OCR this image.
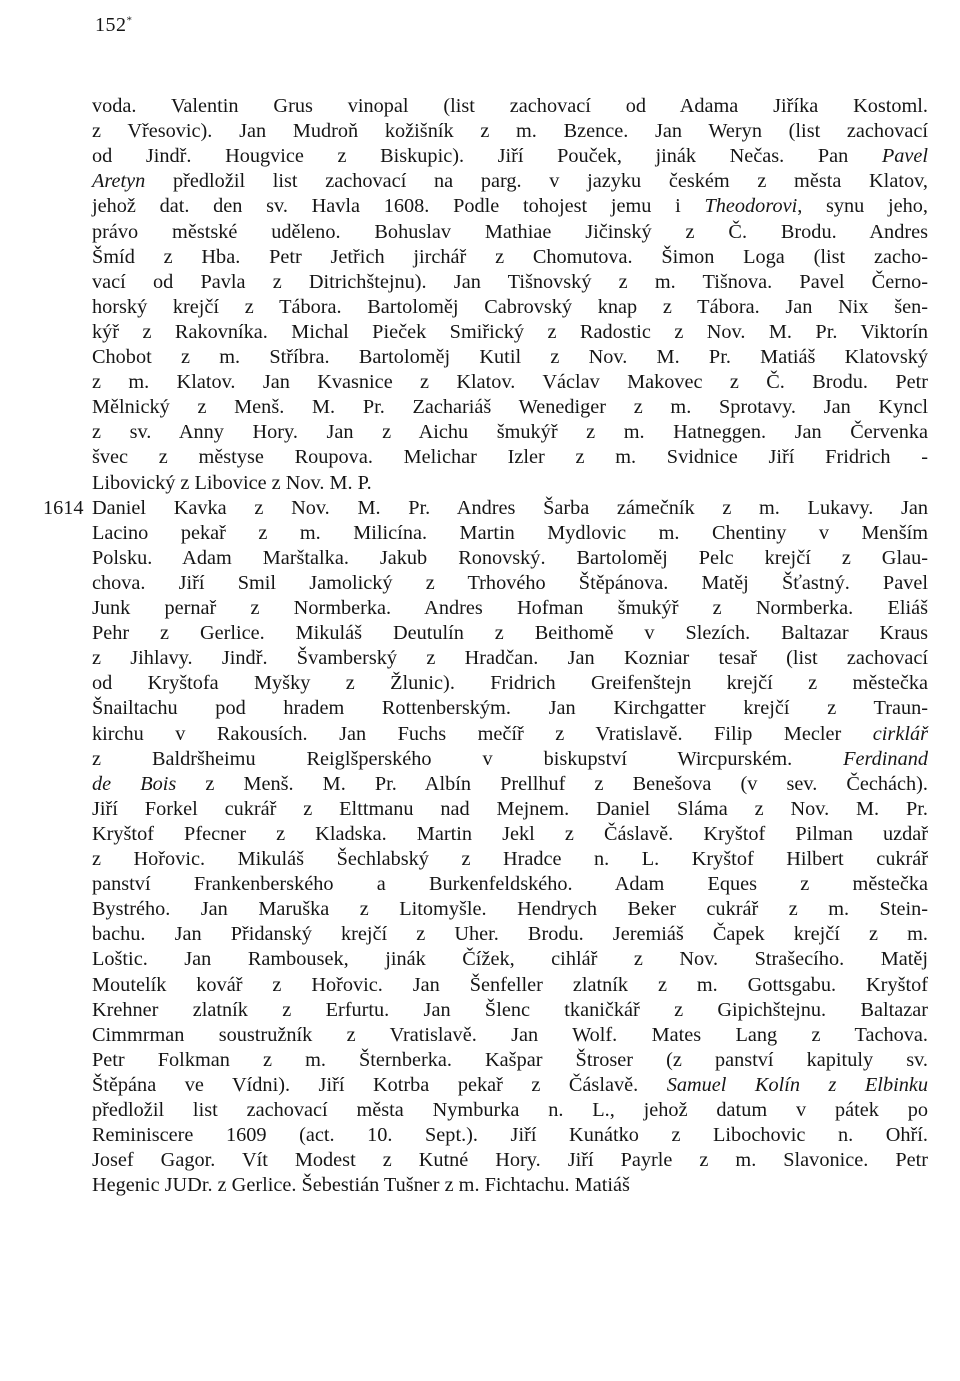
152*
voda. Valentin Grus vinopal (list zachovací od Adama Jiříka Kostoml.
z Vřesovic). Jan Mudroň kožišník z m. Bzence. Jan Weryn (list zachovací
od Jindř. Hougvice z Biskupic). Jiří Pouček, jinák Nečas. Pan Pavel
Aretyn předložil list zachovací na parg. v jazyku českém z města Klatov,
jehož dat. den sv. Havla 1608. Podle tohojest jemu i Theodorovi, synu jeho,
právo městské uděleno. Bohuslav Mathiae Jičinský z Č. Brodu. Andres
Šmíd z Hba. Petr Jetřich jirchář z Chomutova. Šimon Loga (list zacho-
vací od Pavla z Ditrichštejnu). Jan Tišnovský z m. Tišnova. Pavel Černo-
horský krejčí z Tábora. Bartoloměj Cabrovský knap z Tábora. Jan Nix šen-
kýř z Rakovníka. Michal Pieček Smiřický z Radostic z Nov. M. Pr. Viktorín
Chobot z m. Stříbra. Bartoloměj Kutil z Nov. M. Pr. Matiáš Klatovský
z m. Klatov. Jan Kvasnice z Klatov. Václav Makovec z Č. Brodu. Petr
Mělnický z Menš. M. Pr. Zachariáš Wenediger z m. Sprotavy. Jan Kyncl
z sv. Anny Hory. Jan z Aichu šmukýř z m. Hatneggen. Jan Červenka
švec z městyse Roupova. Melichar Izler z m. Svidnice Jiří Fridrich -
Libovický z Libovice z Nov. M. P.
Daniel Kavka z Nov. M. Pr. Andres Šarba zámečník z m. Lukavy. Jan
1614
Lacino pekař z m. Milicína. Martin Mydlovic m. Chentiny v Menším
Polsku. Adam Marštalka. Jakub Ronovský. Bartoloměj Pelc krejčí z Glau-
chova. Jiří Smil Jamolický z Trhového Štěpánova. Matěj Šťastný. Pavel
Junk pernař z Normberka. Andres Hofman šmukýř z Normberka. Eliáš
Pehr z Gerlice. Mikuláš Deutulín z Beithomě v Slezích. Baltazar Kraus
z Jihlavy. Jindř. Švamberský z Hradčan. Jan Kozniar tesař (list zachovací
od Kryštofa Myšky z Žlunic). Fridrich Greifenštejn krejčí z městečka
Šnailtachu pod hradem Rottenberským. Jan Kirchgatter krejčí z Traun-
kirchu v Rakousích. Jan Fuchs mečíř z Vratislavě. Filip Mecler cirklář
z Baldršheimu Reiglšperského v biskupství Wircpurském. Ferdinand
de Bois z Menš. M. Pr. Albín Prellhuf z Benešova (v sev. Čechách).
Jiří Forkel cukrář z Elttmanu nad Mejnem. Daniel Sláma z Nov. M. Pr.
Kryštof Pfecner z Kladska. Martin Jekl z Čáslavě. Kryštof Pilman uzdař
z Hořovic. Mikuláš Šechlabský z Hradce n. L. Kryštof Hilbert cukrář
panství Frankenberského a Burkenfeldského. Adam Eques z městečka
Bystrého. Jan Maruška z Litomyšle. Hendrych Beker cukrář z m. Stein-
bachu. Jan Přidanský krejčí z Uher. Brodu. Jeremiáš Čapek krejčí z m.
Loštic. Jan Rambousek, jinák Čížek, cihlář z Nov. Strašecího. Matěj
Moutelík kovář z Hořovic. Jan Šenfeller zlatník z m. Gottsgabu. Kryštof
Krehner zlatník z Erfurtu. Jan Šlenc tkaničkář z Gipichštejnu. Baltazar
Cimmrman soustružník z Vratislavě. Jan Wolf. Mates Lang z Tachova.
Petr Folkman z m. Šternberka. Kašpar Štroser (z panství kapituly sv.
Štěpána ve Vídni). Jiří Kotrba pekař z Čáslavě. Samuel Kolín z Elbinku
předložil list zachovací města Nymburka n. L., jehož datum v pátek po
Reminiscere 1609 (act. 10. Sept.). Jiří Kunátko z Libochovic n. Ohří.
Josef Gagor. Vít Modest z Kutné Hory. Jiří Payrle z m. Slavonice. Petr
Hegenic JUDr. z Gerlice. Šebestián Tušner z m. Fichtachu. Matiáš
